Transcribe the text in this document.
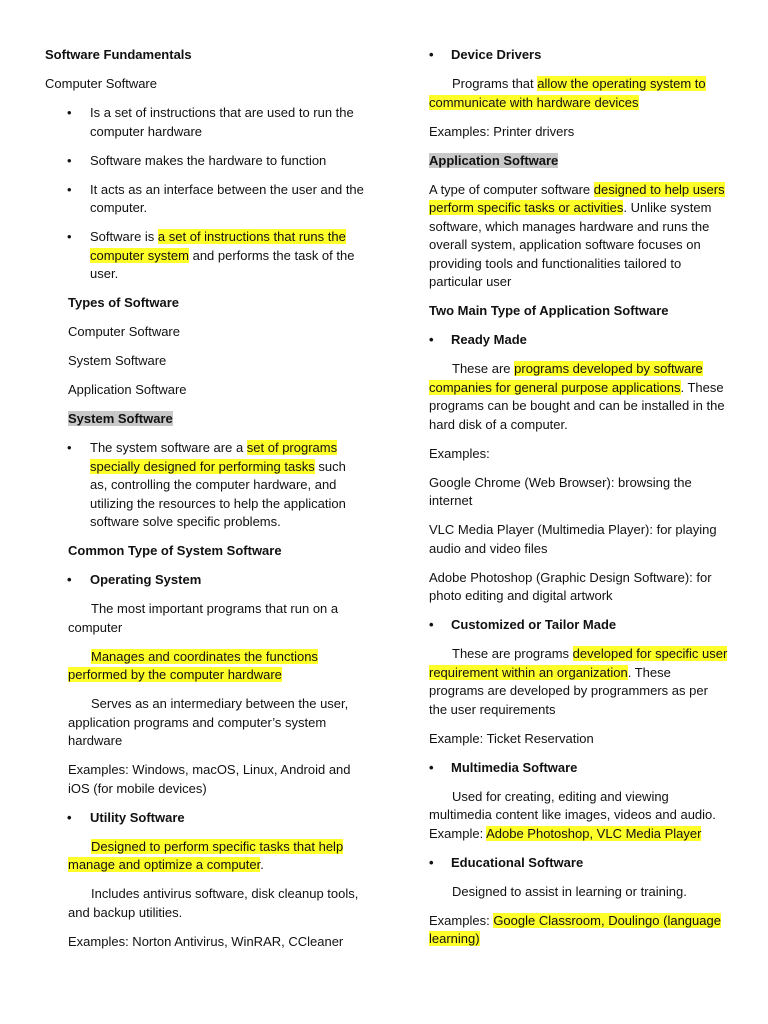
Software Fundamentals

Computer Software

• Is a set of instructions that are used to run the computer hardware

• Software makes the hardware to function

• It acts as an interface between the user and the computer.

• Software is a set of instructions that runs the computer system and performs the task of the user.

Types of Software

Computer Software

System Software

Application Software

System Software

• The system software are a set of programs specially designed for performing tasks such as, controlling the computer hardware, and utilizing the resources to help the application software solve specific problems.

Common Type of System Software

• Operating System

The most important programs that run on a computer

Manages and coordinates the functions performed by the computer hardware

Serves as an intermediary between the user, application programs and computer’s system hardware

Examples: Windows, macOS, Linux, Android and iOS (for mobile devices)

• Utility Software

Designed to perform specific tasks that help manage and optimize a computer.

Includes antivirus software, disk cleanup tools, and backup utilities.

Examples: Norton Antivirus, WinRAR, CCleaner

• Device Drivers

Programs that allow the operating system to communicate with hardware devices

Examples: Printer drivers

Application Software

A type of computer software designed to help users perform specific tasks or activities. Unlike system software, which manages hardware and runs the overall system, application software focuses on providing tools and functionalities tailored to particular user

Two Main Type of Application Software

• Ready Made

These are programs developed by software companies for general purpose applications. These programs can be bought and can be installed in the hard disk of a computer.

Examples:

Google Chrome (Web Browser): browsing the internet

VLC Media Player (Multimedia Player): for playing audio and video files

Adobe Photoshop (Graphic Design Software): for photo editing and digital artwork

• Customized or Tailor Made

These are programs developed for specific user requirement within an organization. These programs are developed by programmers as per the user requirements

Example: Ticket Reservation

• Multimedia Software

Used for creating, editing and viewing multimedia content like images, videos and audio. Example: Adobe Photoshop, VLC Media Player

• Educational Software

Designed to assist in learning or training.

Examples: Google Classroom, Doulingo (language learning)
